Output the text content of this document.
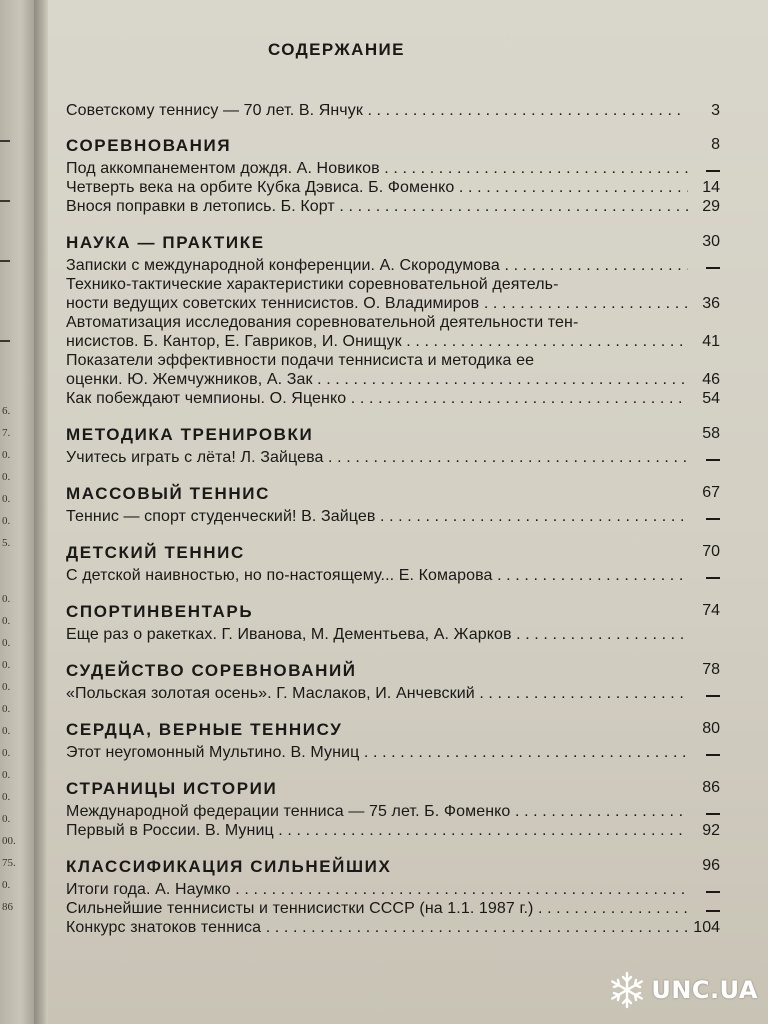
6.
7.
0.
0.
0.
0.
5.
0.
0.
0.
0.
0.
0.
0.
0.
0.
0.
0.
00.
75.
0.
86
СОДЕРЖАНИЕ
Советскому теннису — 70 лет. В. Янчук . . .	3
СОРЕВНОВАНИЯ	8
Под аккомпанементом дождя. А. Новиков . . .
Четверть века на орбите Кубка Дэвиса. Б. Фоменко . . .	14
Внося поправки в летопись. Б. Корт . . .	29
НАУКА — ПРАКТИКЕ	30
Записки с международной конференции. А. Скородумова . . .
Технико-тактические характеристики соревновательной деятель-
ности ведущих советских теннисистов. О. Владимиров . . .	36
Автоматизация исследования соревновательной деятельности тен-
нисистов. Б. Кантор, Е. Гавриков, И. Онищук . . .	41
Показатели эффективности подачи теннисиста и методика ее
оценки. Ю. Жемчужников, А. Зак . . .	46
Как побеждают чемпионы. О. Яценко . . .	54
МЕТОДИКА ТРЕНИРОВКИ	58
Учитесь играть с лёта! Л. Зайцева . . .
МАССОВЫЙ ТЕННИС	67
Теннис — спорт студенческий! В. Зайцев . . .
ДЕТСКИЙ ТЕННИС	70
С детской наивностью, но по-настоящему... Е. Комарова . . .
СПОРТИНВЕНТАРЬ	74
Еще раз о ракетках. Г. Иванова, М. Дементьева, А. Жарков . . .
СУДЕЙСТВО СОРЕВНОВАНИЙ	78
«Польская золотая осень». Г. Маслаков, И. Анчевский . . .
СЕРДЦА, ВЕРНЫЕ ТЕННИСУ	80
Этот неугомонный Мультино. В. Муниц . . .
СТРАНИЦЫ ИСТОРИИ	86
Международной федерации тенниса — 75 лет. Б. Фоменко . . .
Первый в России. В. Муниц . . .	92
КЛАССИФИКАЦИЯ СИЛЬНЕЙШИХ	96
Итоги года. А. Наумко . . .
Сильнейшие теннисисты и теннисистки СССР (на 1.1. 1987 г.) . . .
Конкурс знатоков тенниса . . .	104
UNC.UA
